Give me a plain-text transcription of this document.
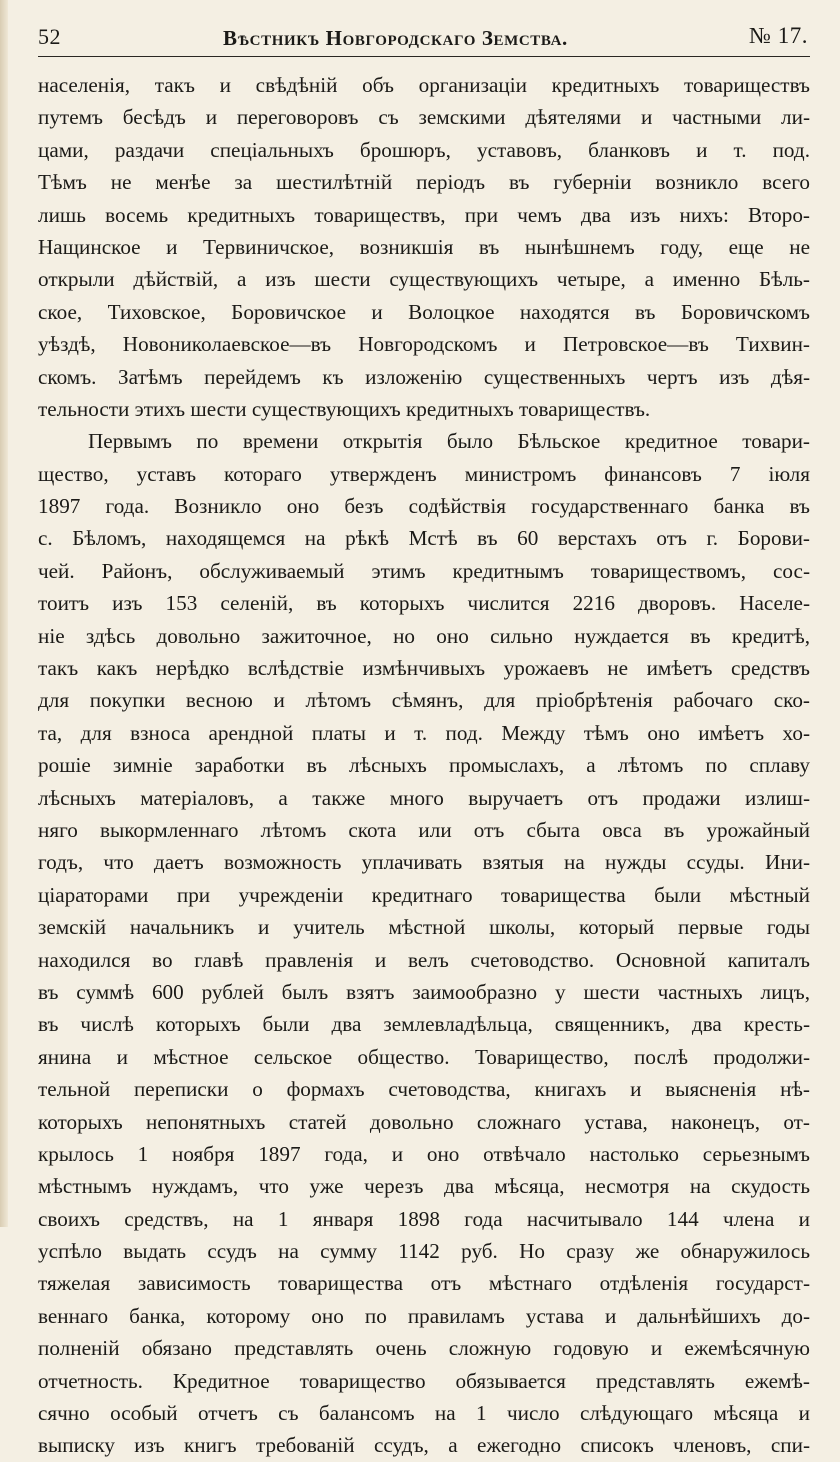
52	Вѣстникъ Новгородскаго Земства.	№ 17.
населенія, такъ и свѣдѣній объ организаціи кредитныхъ товариществъ
путемъ бесѣдъ и переговоровъ съ земскими дѣятелями и частными ли-
цами, раздачи спеціальныхъ брошюръ, уставовъ, бланковъ и т. под.
Тѣмъ не менѣе за шестилѣтній періодъ въ губерніи возникло всего
лишь восемь кредитныхъ товариществъ, при чемъ два изъ нихъ: Второ-
Нащинское и Тервиничское, возникшія въ нынѣшнемъ году, еще не
открыли дѣйствій, а изъ шести существующихъ четыре, а именно Бѣль-
ское, Тиховское, Боровичское и Волоцкое находятся въ Боровичскомъ
уѣздѣ, Новониколаевское—въ Новгородскомъ и Петровское—въ Тихвин-
скомъ. Затѣмъ перейдемъ къ изложенію существенныхъ чертъ изъ дѣя-
тельности этихъ шести существующихъ кредитныхъ товариществъ.
Первымъ по времени открытія было Бѣльское кредитное товари-
щество, уставъ котораго утвержденъ министромъ финансовъ 7 іюля
1897 года. Возникло оно безъ содѣйствія государственнаго банка въ
с. Бѣломъ, находящемся на рѣкѣ Мстѣ въ 60 верстахъ отъ г. Борови-
чей. Районъ, обслуживаемый этимъ кредитнымъ товариществомъ, сос-
тоитъ изъ 153 селеній, въ которыхъ числится 2216 дворовъ. Населе-
ніе здѣсь довольно зажиточное, но оно сильно нуждается въ кредитѣ,
такъ какъ нерѣдко вслѣдствіе измѣнчивыхъ урожаевъ не имѣетъ средствъ
для покупки весною и лѣтомъ сѣмянъ, для пріобрѣтенія рабочаго ско-
та, для взноса арендной платы и т. под. Между тѣмъ оно имѣетъ хо-
рошіе зимніе заработки въ лѣсныхъ промыслахъ, а лѣтомъ по сплаву
лѣсныхъ матеріаловъ, а также много выручаетъ отъ продажи излиш-
няго выкормленнаго лѣтомъ скота или отъ сбыта овса въ урожайный
годъ, что даетъ возможность уплачивать взятыя на нужды ссуды. Ини-
ціараторами при учрежденіи кредитнаго товарищества были мѣстный
земскій начальникъ и учитель мѣстной школы, который первые годы
находился во главѣ правленія и велъ счетоводство. Основной капиталъ
въ суммѣ 600 рублей былъ взятъ заимообразно у шести частныхъ лицъ,
въ числѣ которыхъ были два землевладѣльца, священникъ, два кресть-
янина и мѣстное сельское общество. Товарищество, послѣ продолжи-
тельной переписки о формахъ счетоводства, книгахъ и выясненія нѣ-
которыхъ непонятныхъ статей довольно сложнаго устава, наконецъ, от-
крылось 1 ноября 1897 года, и оно отвѣчало настолько серьезнымъ
мѣстнымъ нуждамъ, что уже черезъ два мѣсяца, несмотря на скудость
своихъ средствъ, на 1 января 1898 года насчитывало 144 члена и
успѣло выдать ссудъ на сумму 1142 руб. Но сразу же обнаружилось
тяжелая зависимость товарищества отъ мѣстнаго отдѣленія государст-
веннаго банка, которому оно по правиламъ устава и дальнѣйшихъ до-
полненій обязано представлять очень сложную годовую и ежемѣсячную
отчетность. Кредитное товарищество обязывается представлять ежемѣ-
сячно особый отчетъ съ балансомъ на 1 число слѣдующаго мѣсяца и
выписку изъ книгъ требованій ссудъ, а ежегодно списокъ членовъ, спи-
